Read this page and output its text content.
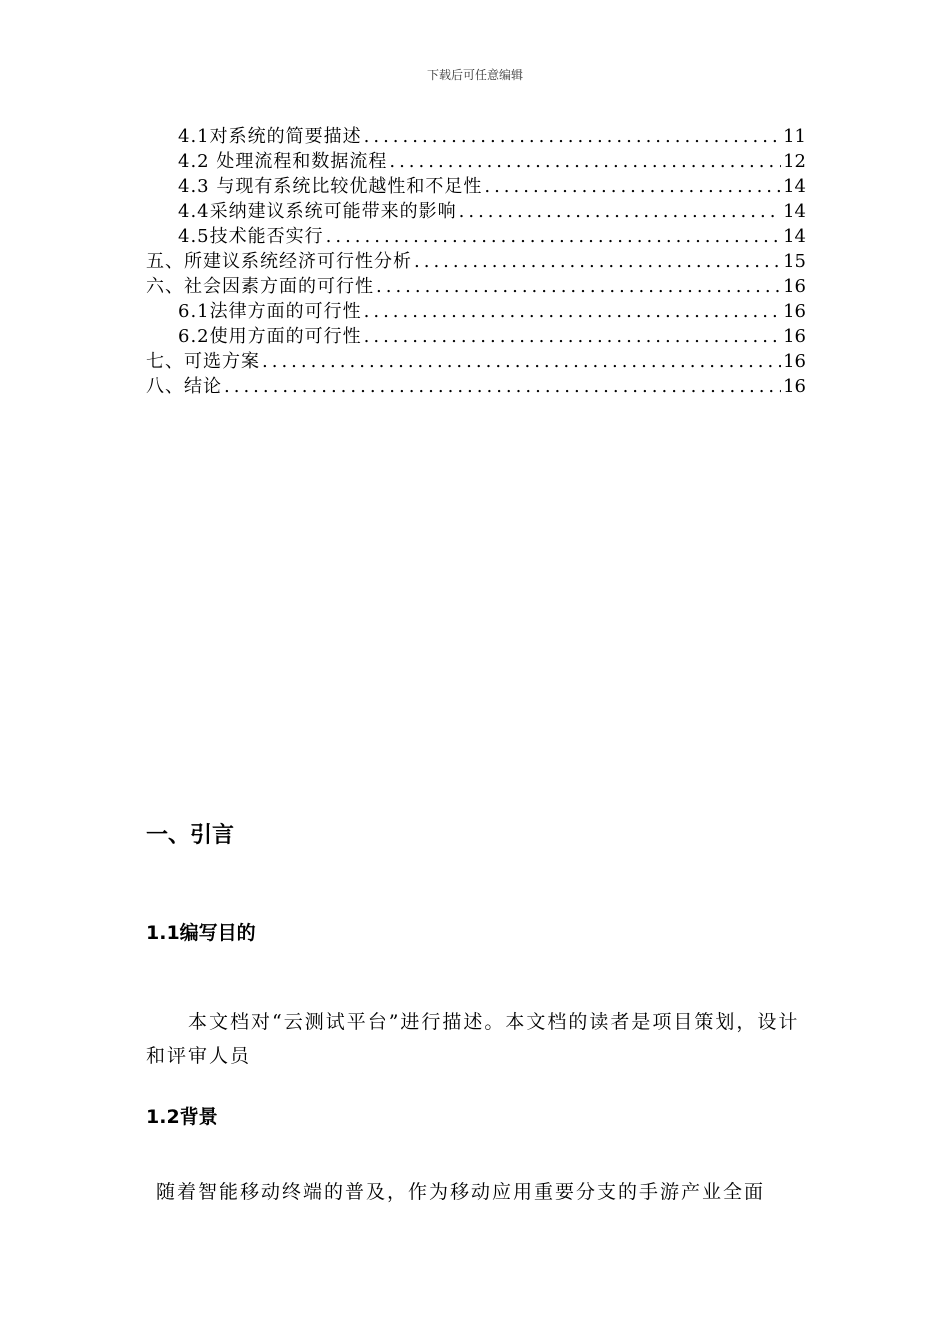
下载后可任意编辑
4.1对系统的简要描述 .....	11
4.2 处理流程和数据流程 .....	12
4.3 与现有系统比较优越性和不足性 .....	14
4.4采纳建议系统可能带来的影响 .....	14
4.5技术能否实行 .....	14
五、所建议系统经济可行性分析 .....	15
六、社会因素方面的可行性 .....	16
6.1法律方面的可行性 .....	16
6.2使用方面的可行性 .....	16
七、可选方案 .....	16
八、结论 .....	16
一、引言
1.1编写目的
　　本文档对“云测试平台”进行描述。本文档的读者是项目策划，设计和评审人员
1.2背景
随着智能移动终端的普及，作为移动应用重要分支的手游产业全面
